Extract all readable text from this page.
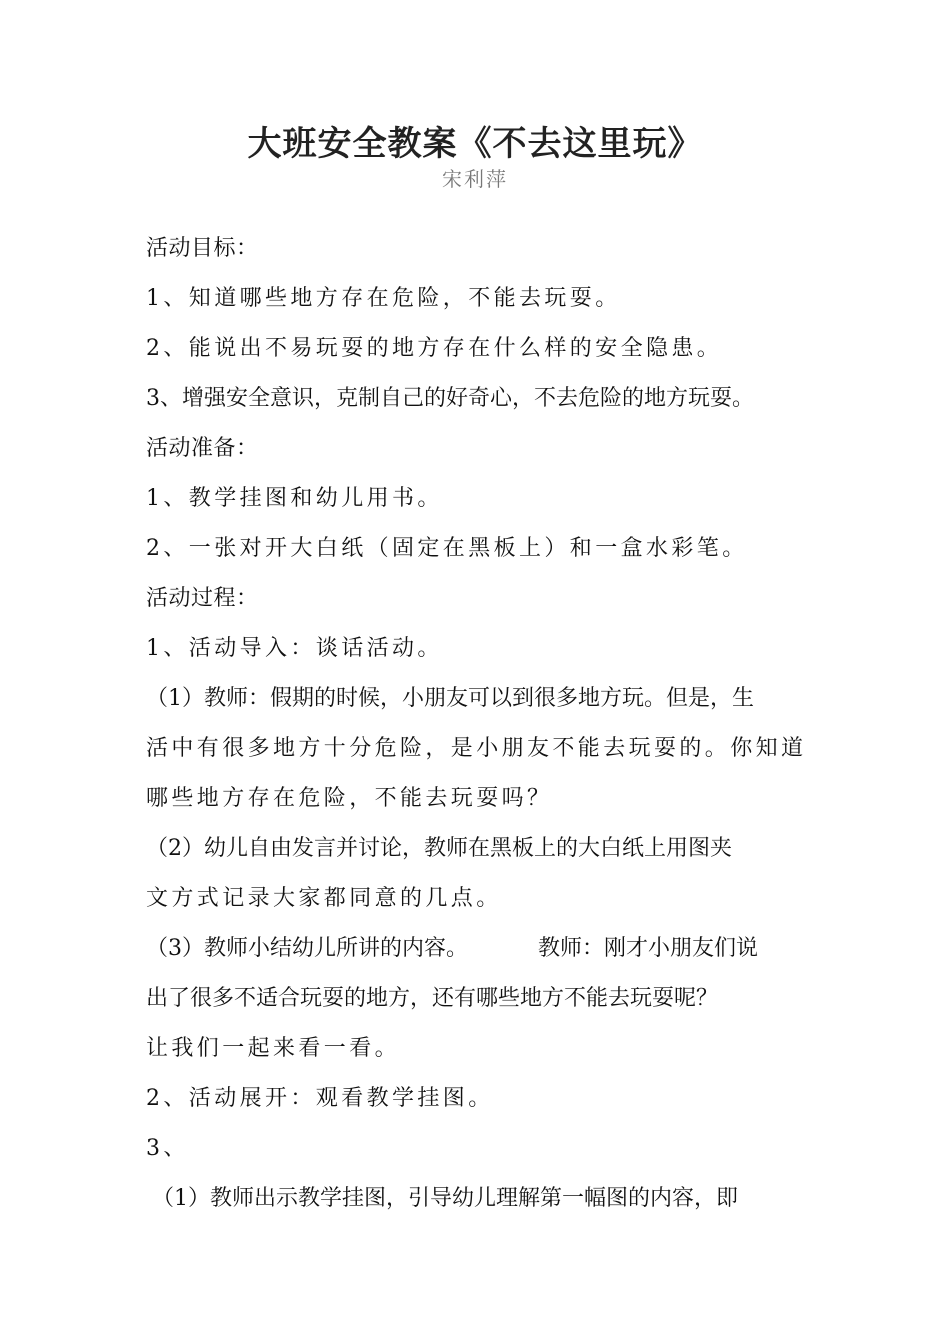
大班安全教案《不去这里玩》
宋利萍
活动目标：
1、知道哪些地方存在危险，不能去玩耍。
2、能说出不易玩耍的地方存在什么样的安全隐患。
3、增强安全意识，克制自己的好奇心，不去危险的地方玩耍。
活动准备：
1、教学挂图和幼儿用书。
2、一张对开大白纸（固定在黑板上）和一盒水彩笔。
活动过程：
1、活动导入：谈话活动。
（1）教师：假期的时候，小朋友可以到很多地方玩。但是，生
活中有很多地方十分危险，是小朋友不能去玩耍的。你知道
哪些地方存在危险，不能去玩耍吗？
（2）幼儿自由发言并讨论，教师在黑板上的大白纸上用图夹
文方式记录大家都同意的几点。
（3）教师小结幼儿所讲的内容。	教师：刚才小朋友们说
出了很多不适合玩耍的地方，还有哪些地方不能去玩耍呢？
让我们一起来看一看。
2、活动展开：观看教学挂图。
3、
（1）教师出示教学挂图，引导幼儿理解第一幅图的内容，即
